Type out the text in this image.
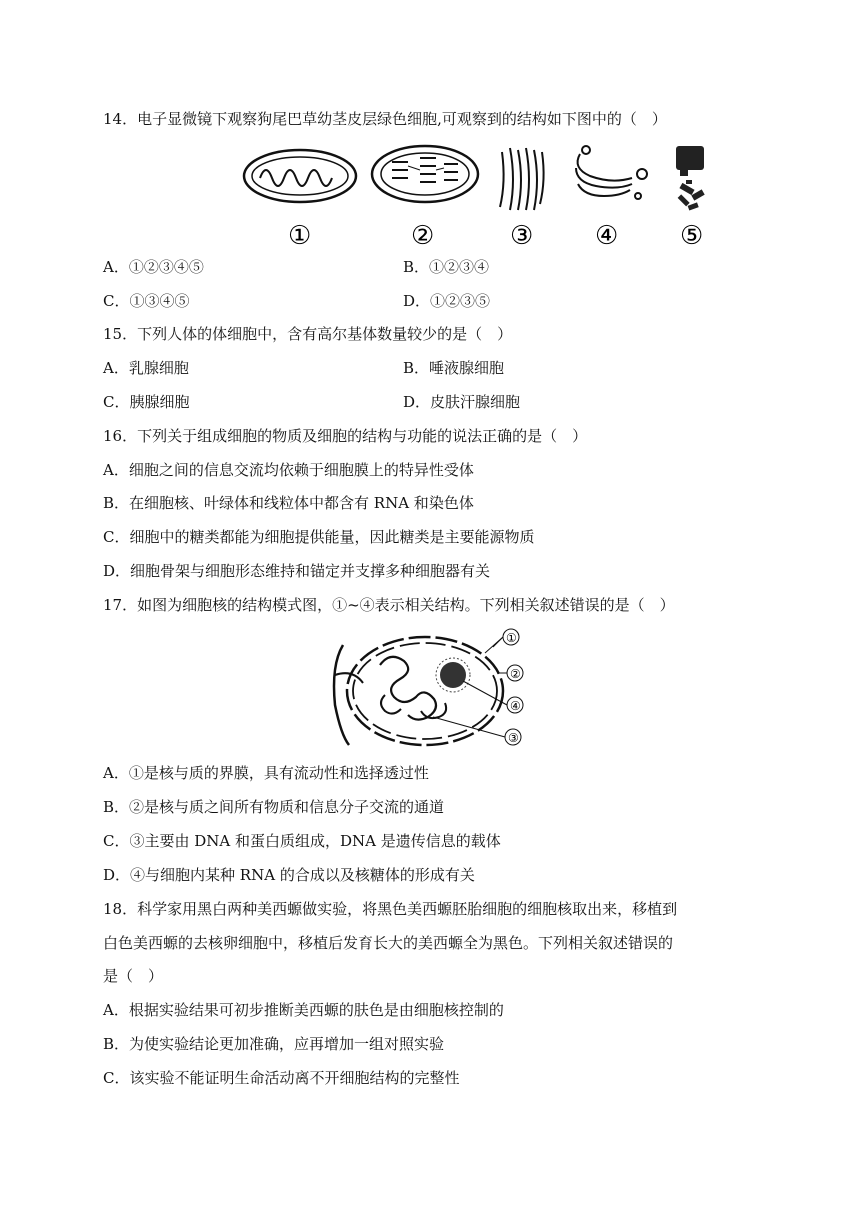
14．电子显微镜下观察狗尾巴草幼茎皮层绿色细胞,可观察到的结构如下图中的（　）
①	②	③ ④ ⑤
A．①②③④⑤	B．①②③④
C．①③④⑤	D．①②③⑤
15．下列人体的体细胞中，含有高尔基体数量较少的是（　）
A．乳腺细胞	B．唾液腺细胞
C．胰腺细胞	D．皮肤汗腺细胞
16．下列关于组成细胞的物质及细胞的结构与功能的说法正确的是（　）
A．细胞之间的信息交流均依赖于细胞膜上的特异性受体
B．在细胞核、叶绿体和线粒体中都含有 RNA 和染色体
C．细胞中的糖类都能为细胞提供能量，因此糖类是主要能源物质
D．细胞骨架与细胞形态维持和锚定并支撑多种细胞器有关
17．如图为细胞核的结构模式图，①~④表示相关结构。下列相关叙述错误的是（　）
①
②
④
③
A．①是核与质的界膜，具有流动性和选择透过性
B．②是核与质之间所有物质和信息分子交流的通道
C．③主要由 DNA 和蛋白质组成，DNA 是遗传信息的载体
D．④与细胞内某种 RNA 的合成以及核糖体的形成有关
18．科学家用黑白两种美西螈做实验，将黑色美西螈胚胎细胞的细胞核取出来，移植到
白色美西螈的去核卵细胞中，移植后发育长大的美西螈全为黑色。下列相关叙述错误的
是（　）
A．根据实验结果可初步推断美西螈的肤色是由细胞核控制的
B．为使实验结论更加准确，应再增加一组对照实验
C．该实验不能证明生命活动离不开细胞结构的完整性
